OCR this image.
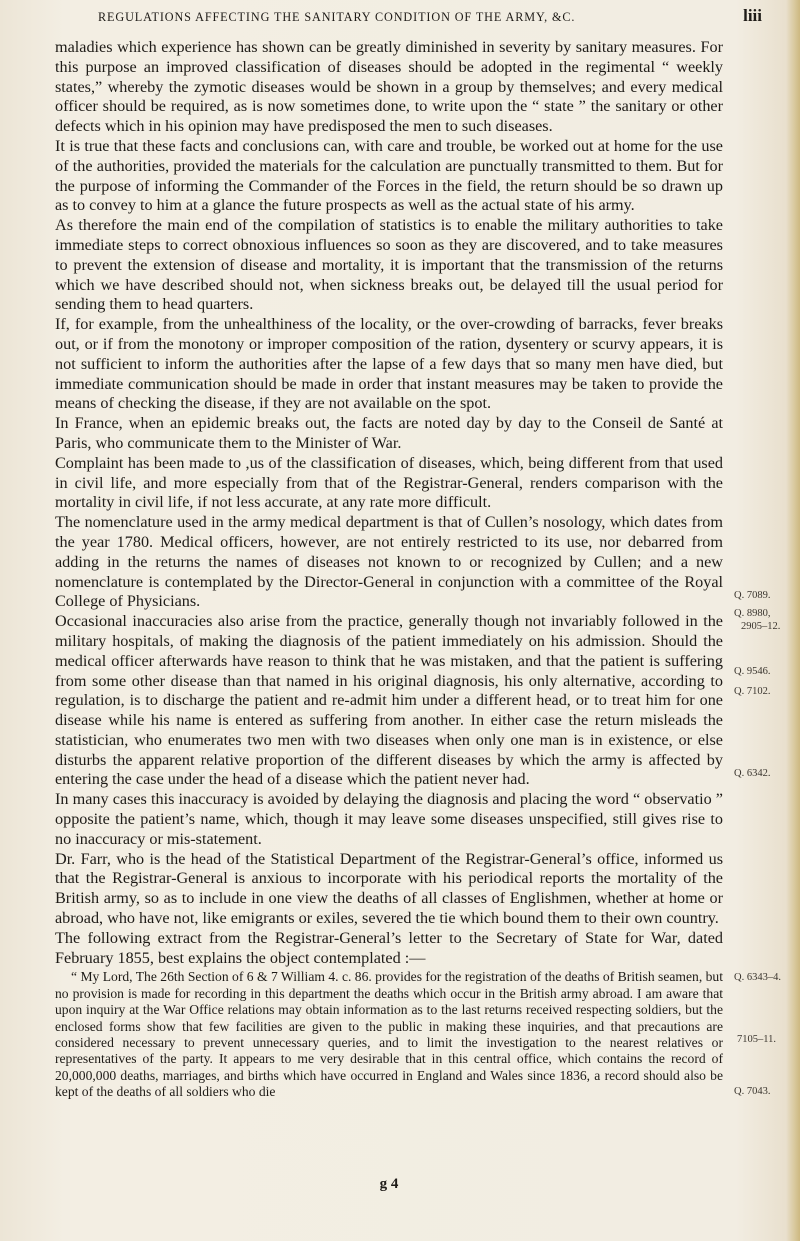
REGULATIONS AFFECTING THE SANITARY CONDITION OF THE ARMY, &C.	liii

maladies which experience has shown can be greatly diminished in severity by sanitary measures. For this purpose an improved classification of diseases should be adopted in the regimental “ weekly states,” whereby the zymotic diseases would be shown in a group by themselves; and every medical officer should be required, as is now sometimes done, to write upon the “ state ” the sanitary or other defects which in his opinion may have predisposed the men to such diseases.

It is true that these facts and conclusions can, with care and trouble, be worked out at home for the use of the authorities, provided the materials for the calculation are punctually transmitted to them. But for the purpose of informing the Commander of the Forces in the field, the return should be so drawn up as to convey to him at a glance the future prospects as well as the actual state of his army.

As therefore the main end of the compilation of statistics is to enable the military authorities to take immediate steps to correct obnoxious influences so soon as they are discovered, and to take measures to prevent the extension of disease and mortality, it is important that the transmission of the returns which we have described should not, when sickness breaks out, be delayed till the usual period for sending them to head quarters.

If, for example, from the unhealthiness of the locality, or the over-crowding of barracks, fever breaks out, or if from the monotony or improper composition of the ration, dysentery or scurvy appears, it is not sufficient to inform the authorities after the lapse of a few days that so many men have died, but immediate communication should be made in order that instant measures may be taken to provide the means of checking the disease, if they are not available on the spot.

In France, when an epidemic breaks out, the facts are noted day by day to the Conseil de Santé at Paris, who communicate them to the Minister of War.

Complaint has been made to ,us of the classification of diseases, which, being different from that used in civil life, and more especially from that of the Registrar-General, renders comparison with the mortality in civil life, if not less accurate, at any rate more difficult.

The nomenclature used in the army medical department is that of Cullen’s nosology, which dates from the year 1780. Medical officers, however, are not entirely restricted to its use, nor debarred from adding in the returns the names of diseases not known to or recognized by Cullen; and a new nomenclature is contemplated by the Director-General in conjunction with a committee of the Royal College of Physicians.

Occasional inaccuracies also arise from the practice, generally though not invariably followed in the military hospitals, of making the diagnosis of the patient immediately on his admission. Should the medical officer afterwards have reason to think that he was mistaken, and that the patient is suffering from some other disease than that named in his original diagnosis, his only alternative, according to regulation, is to discharge the patient and re-admit him under a different head, or to treat him for one disease while his name is entered as suffering from another. In either case the return misleads the statistician, who enumerates two men with two diseases when only one man is in existence, or else disturbs the apparent relative proportion of the different diseases by which the army is affected by entering the case under the head of a disease which the patient never had.

In many cases this inaccuracy is avoided by delaying the diagnosis and placing the word “ observatio ” opposite the patient’s name, which, though it may leave some diseases unspecified, still gives rise to no inaccuracy or mis-statement.

Dr. Farr, who is the head of the Statistical Department of the Registrar-General’s office, informed us that the Registrar-General is anxious to incorporate with his periodical reports the mortality of the British army, so as to include in one view the deaths of all classes of Englishmen, whether at home or abroad, who have not, like emigrants or exiles, severed the tie which bound them to their own country.

The following extract from the Registrar-General’s letter to the Secretary of State for War, dated February 1855, best explains the object contemplated :—

“ My Lord, The 26th Section of 6 & 7 William 4. c. 86. provides for the registration of the deaths of British seamen, but no provision is made for recording in this department the deaths which occur in the British army abroad. I am aware that upon inquiry at the War Office relations may obtain information as to the last returns received respecting soldiers, but the enclosed forms show that few facilities are given to the public in making these inquiries, and that precautions are considered necessary to prevent unnecessary queries, and to limit the investigation to the nearest relatives or representatives of the party. It appears to me very desirable that in this central office, which contains the record of 20,000,000 deaths, marriages, and births which have occurred in England and Wales since 1836, a record should also be kept of the deaths of all soldiers who die

g 4
Q. 7089.
Q. 8980,
2905–12.
Q. 9546.
Q. 7102.
Q. 6342.
Q. 6343–4.
7105–11.
Q. 7043.
